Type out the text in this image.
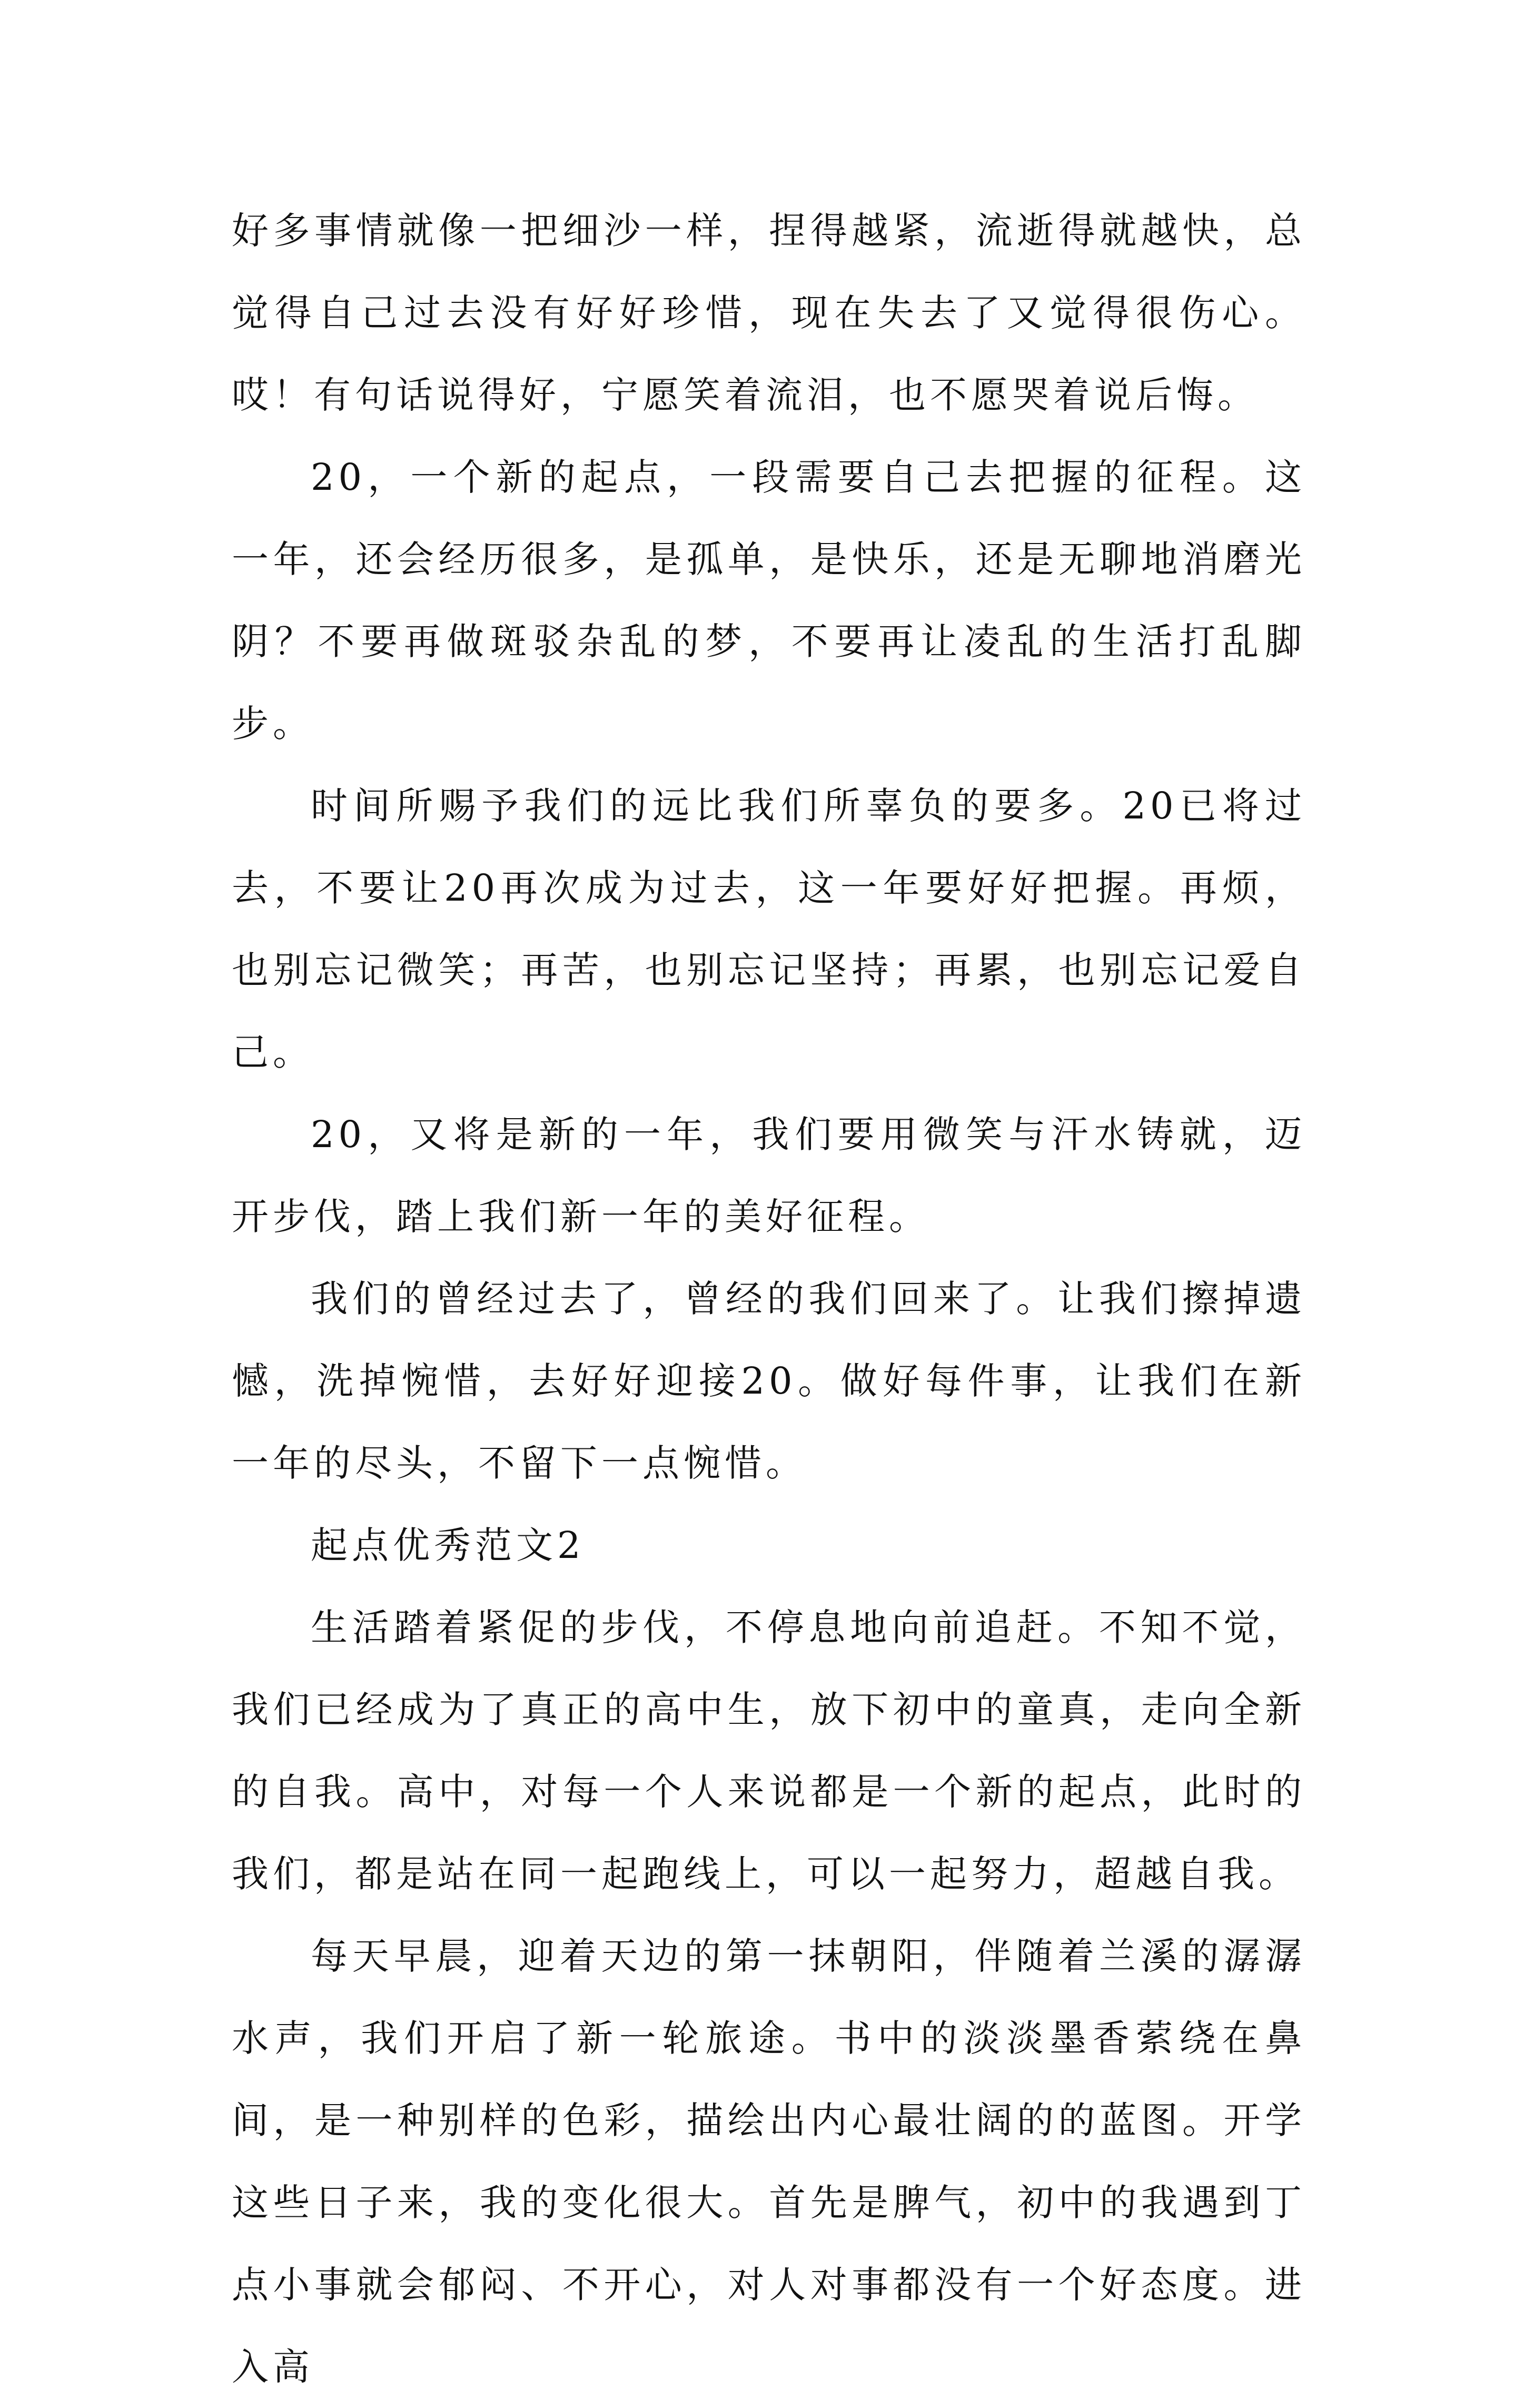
好多事情就像一把细沙一样，捏得越紧，流逝得就越快，总觉得自己过去没有好好珍惜，现在失去了又觉得很伤心。哎！有句话说得好，宁愿笑着流泪，也不愿哭着说后悔。

20，一个新的起点，一段需要自己去把握的征程。这一年，还会经历很多，是孤单，是快乐，还是无聊地消磨光阴？不要再做斑驳杂乱的梦，不要再让凌乱的生活打乱脚步。

时间所赐予我们的远比我们所辜负的要多。20已将过去，不要让20再次成为过去，这一年要好好把握。再烦，也别忘记微笑；再苦，也别忘记坚持；再累，也别忘记爱自己。

20，又将是新的一年，我们要用微笑与汗水铸就，迈开步伐，踏上我们新一年的美好征程。

我们的曾经过去了，曾经的我们回来了。让我们擦掉遗憾，洗掉惋惜，去好好迎接20。做好每件事，让我们在新一年的尽头，不留下一点惋惜。

起点优秀范文2

生活踏着紧促的步伐，不停息地向前追赶。不知不觉，我们已经成为了真正的高中生，放下初中的童真，走向全新的自我。高中，对每一个人来说都是一个新的起点，此时的我们，都是站在同一起跑线上，可以一起努力，超越自我。

每天早晨，迎着天边的第一抹朝阳，伴随着兰溪的潺潺水声，我们开启了新一轮旅途。书中的淡淡墨香萦绕在鼻间，是一种别样的色彩，描绘出内心最壮阔的的蓝图。开学这些日子来，我的变化很大。首先是脾气，初中的我遇到丁点小事就会郁闷、不开心，对人对事都没有一个好态度。进入高
